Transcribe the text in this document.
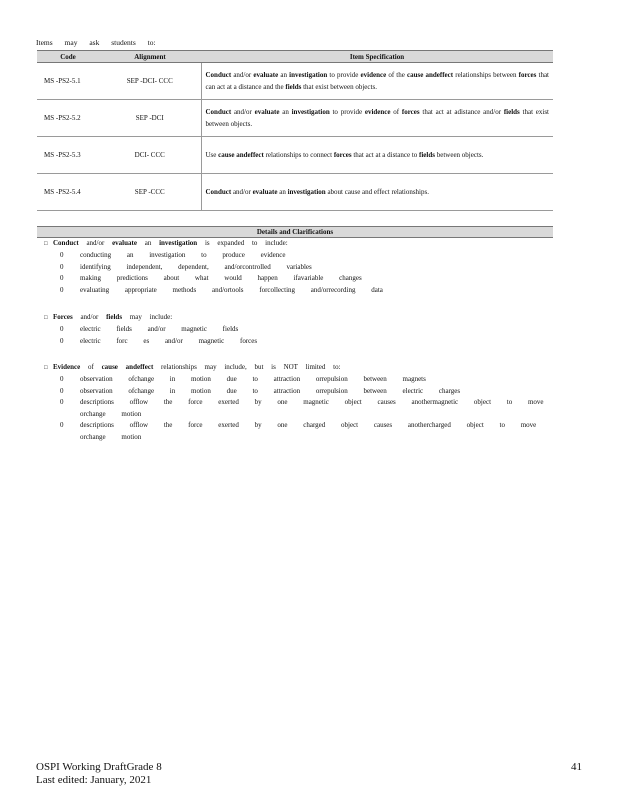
Items may ask students to:
Code	Alignment	Item Specification
MS -PS2-5.1	SEP -DCI- CCC	Conduct and/or evaluate an investigation to provide evidence of the cause andeffect relationships between forces that can act at a distance and the fields that exist between objects.
MS -PS2-5.2	SEP -DCI	Conduct and/or evaluate an investigation to provide evidence of forces that act at adistance and/or fields that exist between objects.
MS -PS2-5.3	DCI- CCC	Use cause andeffect relationships to connect forces that act at a distance to fields between objects.
MS -PS2-5.4	SEP -CCC	Conduct and/or evaluate an investigation about cause and effect relationships.
Details and Clarifications
□ Conduct and/or evaluate an investigation is expanded to include:
0 conducting an investigation to produce evidence
0 identifying independent, dependent, and/orcontrolled variables
0 making predictions about what would happen ifavariable changes
0 evaluating appropriate methods and/ortools forcollecting and/orrecording data
□ Forces and/or fields may include:
0 electric fields and/or magnetic fields
0 electric forc es and/or magnetic forces
□ Evidence of cause andeffect relationships may include, but is NOT limited to:
0 observation ofchange in motion due to attraction orrepulsion between magnets
0 observation ofchange in motion due to attraction orrepulsion between electric charges
0 descriptions offlow the force exerted by one magnetic object causes anothermagnetic object to move orchange motion
0 descriptions offlow the force exerted by one charged object causes anothercharged object to move orchange motion
OSPI Working DraftGrade 8
Last edited: January, 2021
41
